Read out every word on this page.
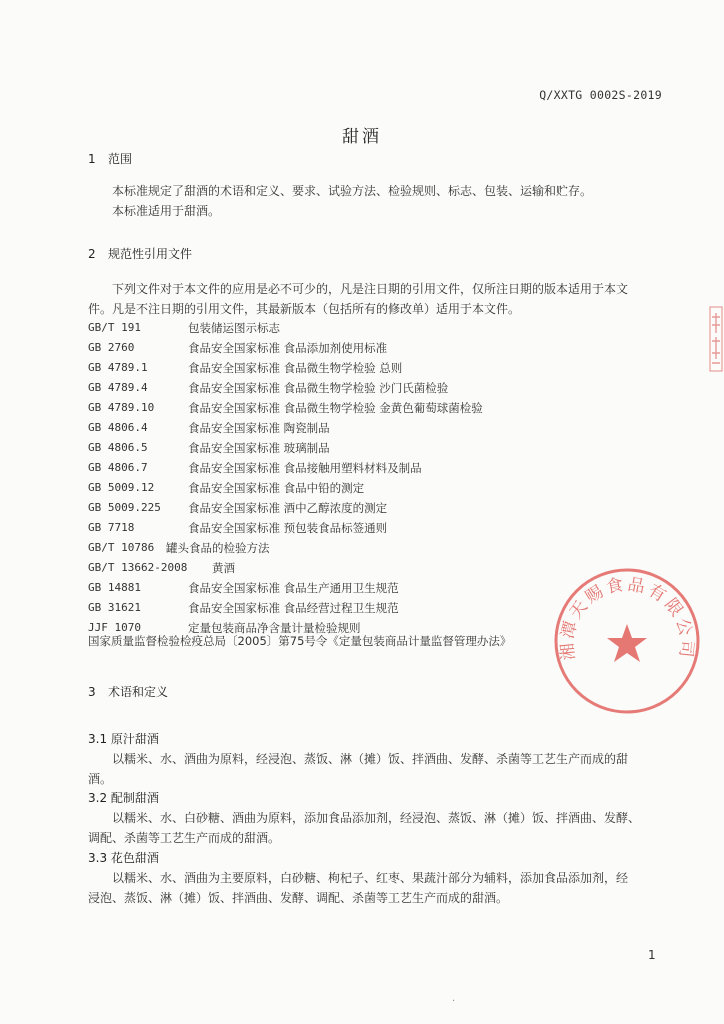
Q/XXTG 0002S-2019
甜酒
1 范围
本标准规定了甜酒的术语和定义、要求、试验方法、检验规则、标志、包装、运输和贮存。
本标准适用于甜酒。
2 规范性引用文件
下列文件对于本文件的应用是必不可少的，凡是注日期的引用文件，仅所注日期的版本适用于本文
件。凡是不注日期的引用文件，其最新版本（包括所有的修改单）适用于本文件。
GB/T 191	包装储运图示标志
GB 2760	食品安全国家标准 食品添加剂使用标准
GB 4789.1	食品安全国家标准 食品微生物学检验 总则
GB 4789.4	食品安全国家标准 食品微生物学检验 沙门氏菌检验
GB 4789.10	食品安全国家标准 食品微生物学检验 金黄色葡萄球菌检验
GB 4806.4	食品安全国家标准 陶瓷制品
GB 4806.5	食品安全国家标准 玻璃制品
GB 4806.7	食品安全国家标准 食品接触用塑料材料及制品
GB 5009.12	食品安全国家标准 食品中铅的测定
GB 5009.225 食品安全国家标准 酒中乙醇浓度的测定
GB 7718	食品安全国家标准 预包装食品标签通则
GB/T 10786 罐头食品的检验方法
GB/T 13662-2008 黄酒
GB 14881	食品安全国家标准 食品生产通用卫生规范
GB 31621	食品安全国家标准 食品经营过程卫生规范
JJF 1070	定量包装商品净含量计量检验规则
国家质量监督检验检疫总局〔2005〕第75号令《定量包装商品计量监督管理办法》
3 术语和定义
3.1 原汁甜酒
以糯米、水、酒曲为原料，经浸泡、蒸饭、淋（摊）饭、拌酒曲、发酵、杀菌等工艺生产而成的甜
酒。
3.2 配制甜酒
以糯米、水、白砂糖、酒曲为原料，添加食品添加剂，经浸泡、蒸饭、淋（摊）饭、拌酒曲、发酵、
调配、杀菌等工艺生产而成的甜酒。
3.3 花色甜酒
以糯米、水、酒曲为主要原料，白砂糖、枸杞子、红枣、果蔬汁部分为辅料，添加食品添加剂，经
浸泡、蒸饭、淋（摊）饭、拌酒曲、发酵、调配、杀菌等工艺生产而成的甜酒。
1
湘潭天赐食品有限公司
·
